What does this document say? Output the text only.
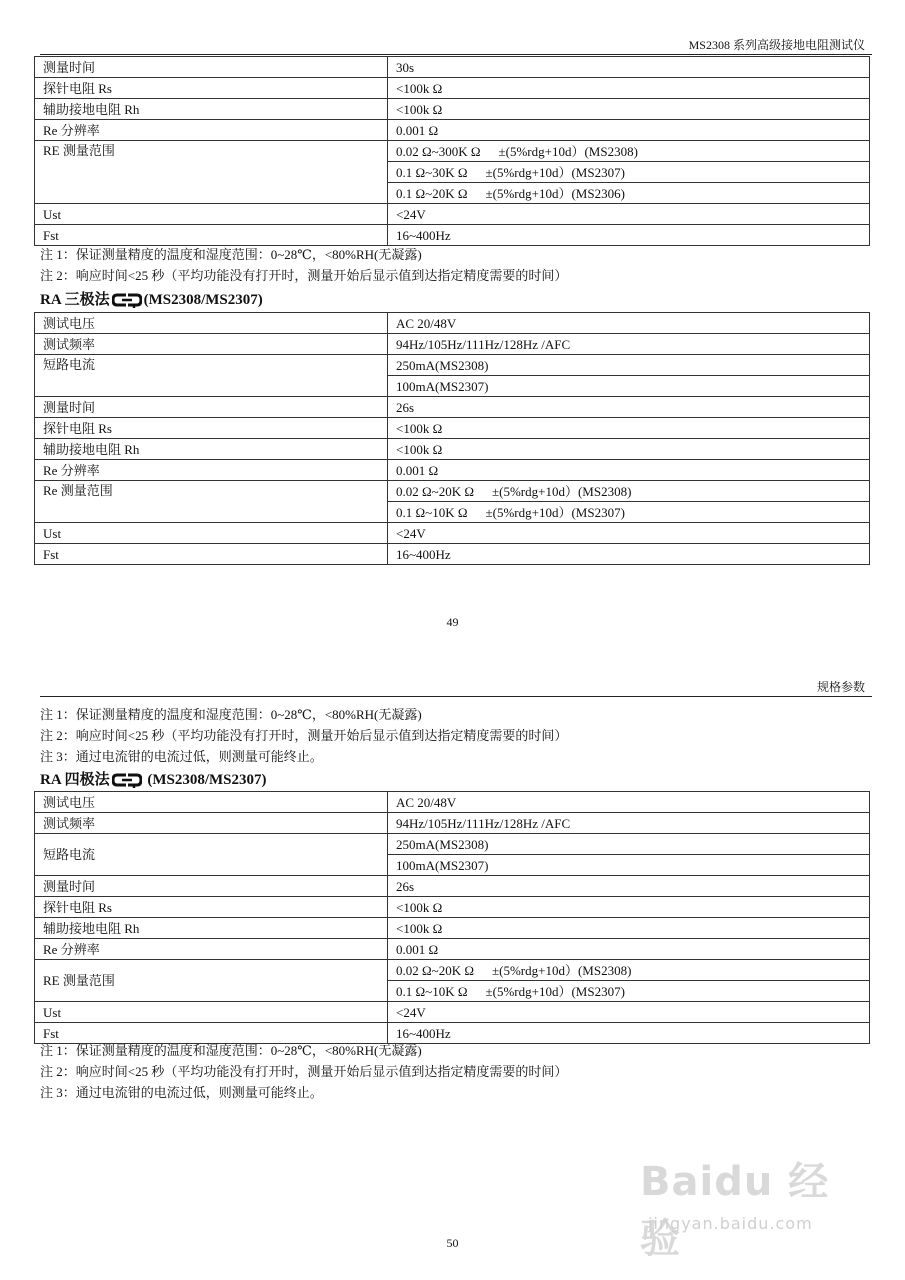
MS2308 系列高级接地电阻测试仪
测量时间	30s
探针电阻 Rs	<100k Ω
辅助接地电阻 Rh	<100k Ω
Re 分辨率	0.001 Ω
RE 测量范围	0.02 Ω~300K Ω ±(5%rdg+10d）(MS2308)
	0.1 Ω~30K Ω ±(5%rdg+10d）(MS2307)
	0.1 Ω~20K Ω ±(5%rdg+10d）(MS2306)
Ust	<24V
Fst	16~400Hz
注 1：保证测量精度的温度和湿度范围：0~28℃，<80%RH(无凝露)
注 2：响应时间<25 秒（平均功能没有打开时，测量开始后显示值到达指定精度需要的时间）
RA 三极法 (MS2308/MS2307)
测试电压	AC 20/48V
测试频率	94Hz/105Hz/111Hz/128Hz /AFC
短路电流	250mA(MS2308)
	100mA(MS2307)
测量时间	26s
探针电阻 Rs	<100k Ω
辅助接地电阻 Rh	<100k Ω
Re 分辨率	0.001 Ω
Re 测量范围	0.02 Ω~20K Ω ±(5%rdg+10d）(MS2308)
	0.1 Ω~10K Ω ±(5%rdg+10d）(MS2307)
Ust	<24V
Fst	16~400Hz
49
规格参数
注 1：保证测量精度的温度和湿度范围：0~28℃，<80%RH(无凝露)
注 2：响应时间<25 秒（平均功能没有打开时，测量开始后显示值到达指定精度需要的时间）
注 3：通过电流钳的电流过低，则测量可能终止。
RA 四极法	(MS2308/MS2307)
测试电压	AC 20/48V
测试频率	94Hz/105Hz/111Hz/128Hz /AFC
短路电流	250mA(MS2308)
	100mA(MS2307)
测量时间	26s
探针电阻 Rs	<100k Ω
辅助接地电阻 Rh	<100k Ω
Re 分辨率	0.001 Ω
RE 测量范围	0.02 Ω~20K Ω ±(5%rdg+10d）(MS2308)
	0.1 Ω~10K Ω ±(5%rdg+10d）(MS2307)
Ust	<24V
Fst	16~400Hz
注 1：保证测量精度的温度和湿度范围：0~28℃，<80%RH(无凝露)
注 2：响应时间<25 秒（平均功能没有打开时，测量开始后显示值到达指定精度需要的时间）
注 3：通过电流钳的电流过低，则测量可能终止。
Baidu 经验
jingyan.baidu.com
50
